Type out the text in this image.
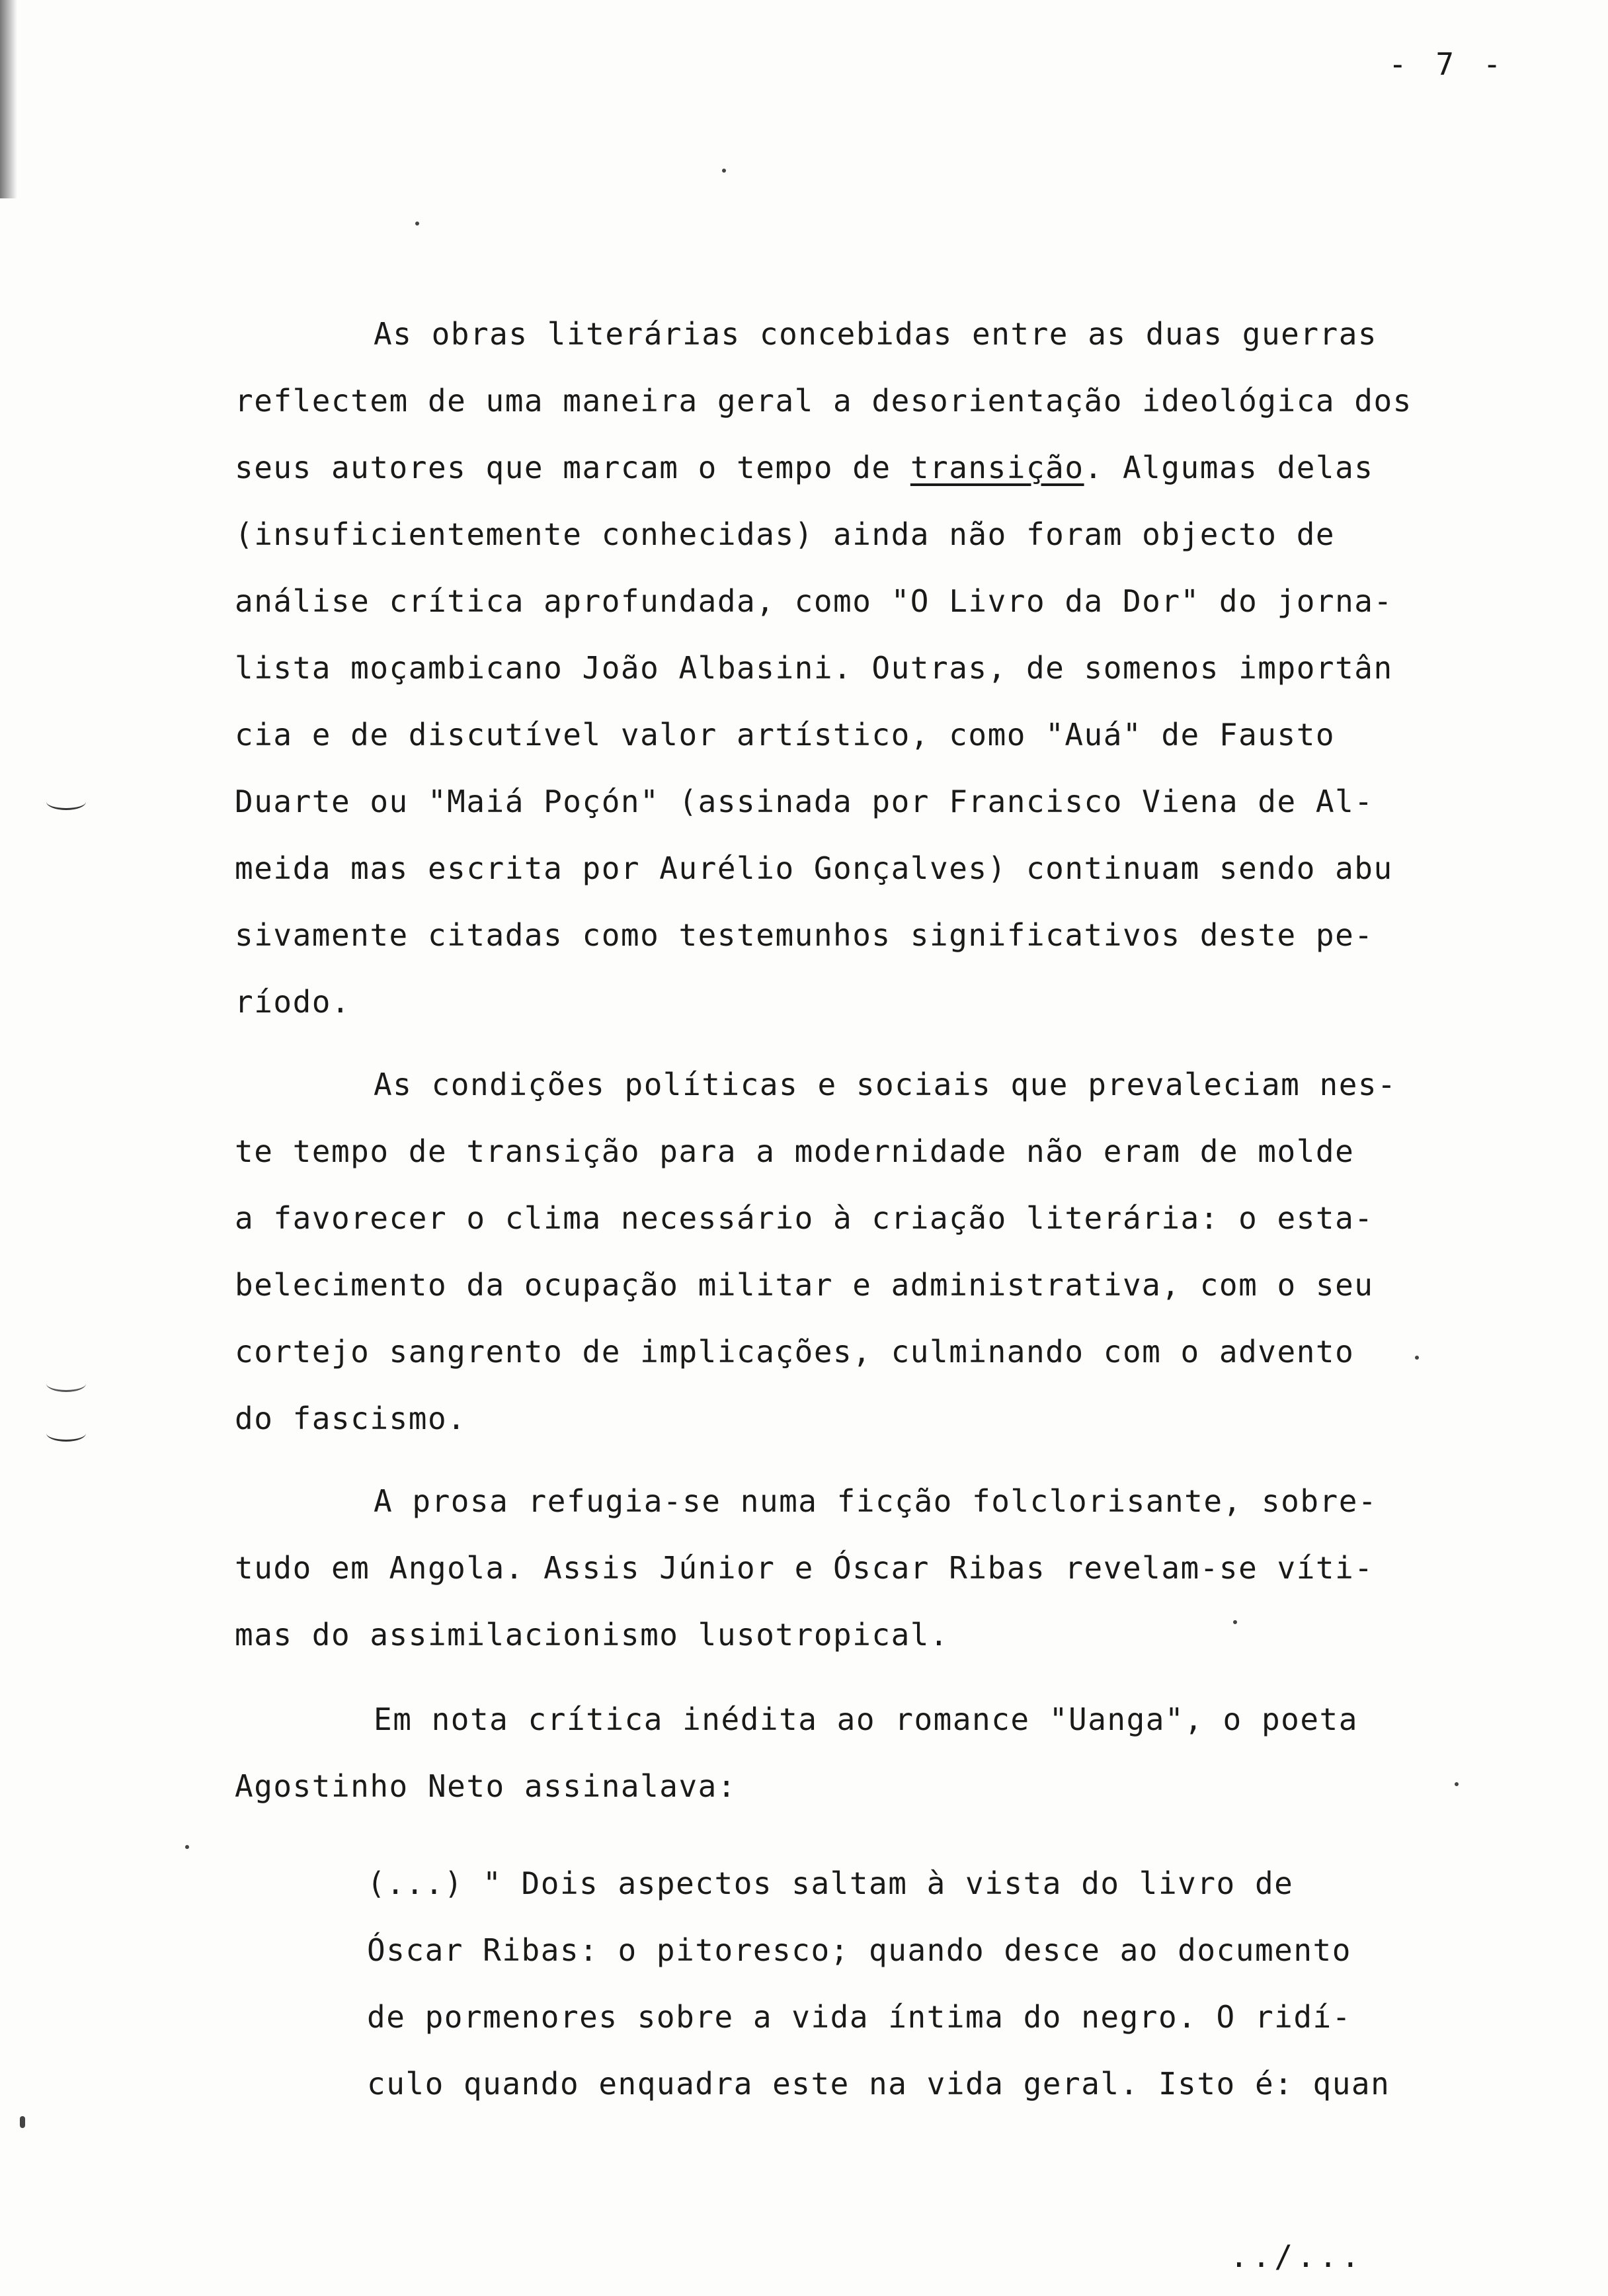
- 7 -
As obras literárias concebidas entre as duas guerras
reflectem de uma maneira geral a desorientação ideológica dos
seus autores que marcam o tempo de transição. Algumas delas
(insuficientemente conhecidas) ainda não foram objecto de
análise crítica aprofundada, como "O Livro da Dor" do jorna-
lista moçambicano João Albasini. Outras, de somenos importân
cia e de discutível valor artístico, como "Auá" de Fausto
Duarte ou "Maiá Poçón" (assinada por Francisco Viena de Al-
meida mas escrita por Aurélio Gonçalves) continuam sendo abu
sivamente citadas como testemunhos significativos deste pe-
ríodo.
As condições políticas e sociais que prevaleciam nes-
te tempo de transição para a modernidade não eram de molde
a favorecer o clima necessário à criação literária: o esta-
belecimento da ocupação militar e administrativa, com o seu
cortejo sangrento de implicações, culminando com o advento
do fascismo.
A prosa refugia-se numa ficção folclorisante, sobre-
tudo em Angola. Assis Júnior e Óscar Ribas revelam-se víti-
mas do assimilacionismo lusotropical.
Em nota crítica inédita ao romance "Uanga", o poeta
Agostinho Neto assinalava:
(...) " Dois aspectos saltam à vista do livro de
Óscar Ribas: o pitoresco; quando desce ao documento
de pormenores sobre a vida íntima do negro. O ridí-
culo quando enquadra este na vida geral. Isto é: quan
../...
